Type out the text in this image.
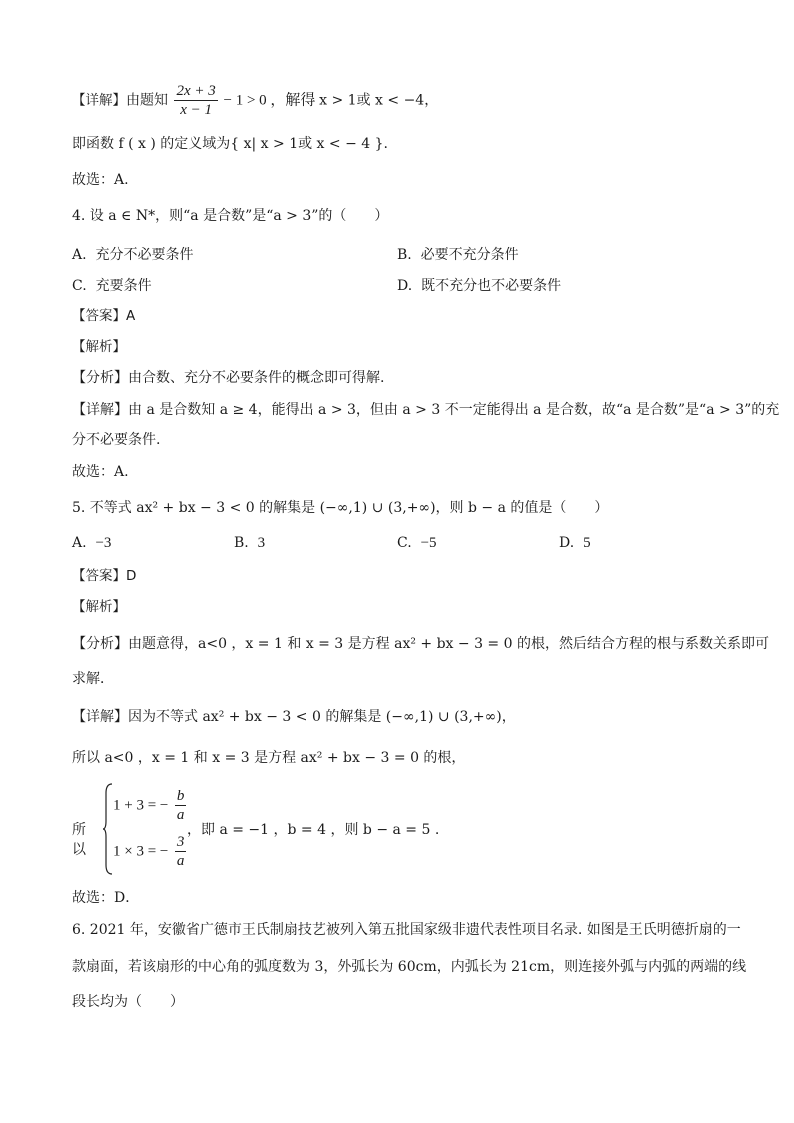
【详解】由题知 $\frac{2x + 3}{x - 1} - 1 > 0$ ，解得 x > 1或 x < −4，
即函数 f ( x ) 的定义域为{ x| x > 1或 x < − 4 }.
故选：A.
4. 设 a ∈ N*，则“a 是合数”是“a > 3”的（　　）
A. 充分不必要条件	B. 必要不充分条件
C. 充要条件	D. 既不充分也不必要条件
【答案】A
【解析】
【分析】由合数、充分不必要条件的概念即可得解.
【详解】由 a 是合数知 a ≥ 4，能得出 a > 3，但由 a > 3 不一定能得出 a 是合数，故“a 是合数”是“a > 3”的充
分不必要条件.
故选：A.
5. 不等式 ax² + bx − 3 < 0 的解集是 (−∞,1) ∪ (3,+∞)，则 b − a 的值是（　　）
A. −3	B. 3	C. −5	D. 5
【答案】D
【解析】
【分析】由题意得，a<0 ，x = 1 和 x = 3 是方程 ax² + bx − 3 = 0 的根，然后结合方程的根与系数关系即可
求解．
【详解】因为不等式 ax² + bx − 3 < 0 的解集是 (−∞,1) ∪ (3,+∞)，
所以 a<0 ，x = 1 和 x = 3 是方程 ax² + bx − 3 = 0 的根，
所以
1 + 3 = − $\frac{b}{a}$
1 × 3 = − $\frac{3}{a}$
，即 a = −1 ，b = 4 ，则 b − a = 5 .
故选：D．
6. 2021 年，安徽省广德市王氏制扇技艺被列入第五批国家级非遗代表性项目名录. 如图是王氏明德折扇的一
款扇面，若该扇形的中心角的弧度数为 3，外弧长为 60cm，内弧长为 21cm，则连接外弧与内弧的两端的线
段长均为（　　）
